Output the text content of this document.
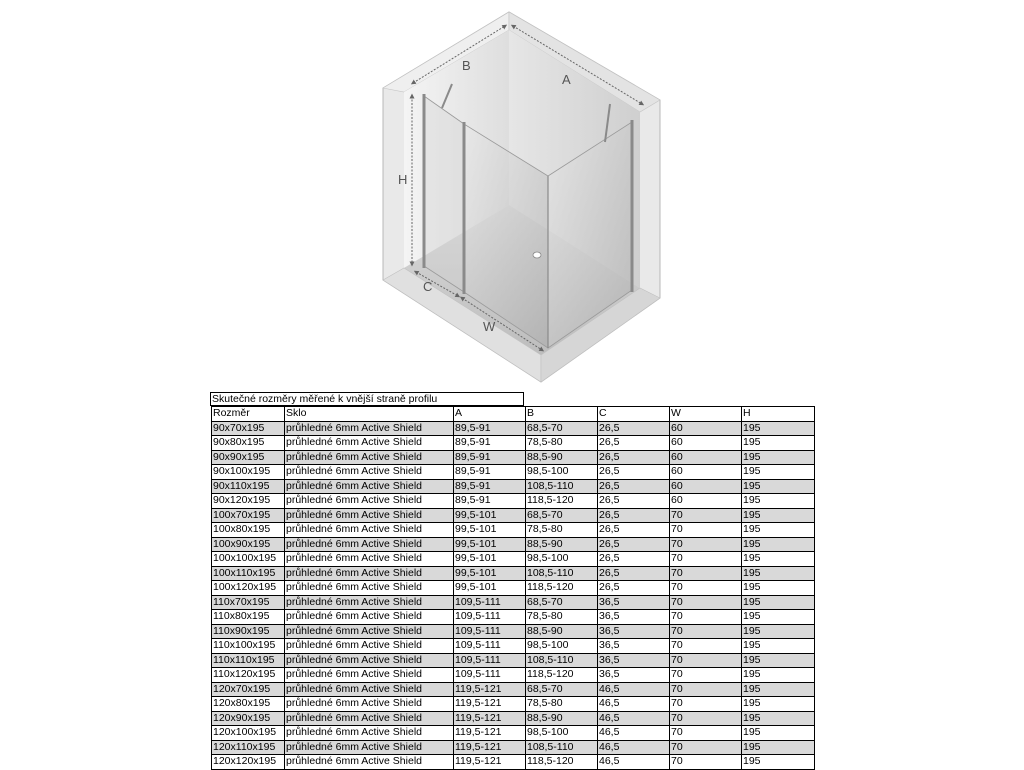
B
A
H
C
W
Skutečné rozměry měřené k vnější straně profilu
Rozměr	Sklo	A	B	C	W	H
90x70x195	průhledné 6mm Active Shield	89,5-91	68,5-70	26,5	60	195
90x80x195	průhledné 6mm Active Shield	89,5-91	78,5-80	26,5	60	195
90x90x195	průhledné 6mm Active Shield	89,5-91	88,5-90	26,5	60	195
90x100x195	průhledné 6mm Active Shield	89,5-91	98,5-100	26,5	60	195
90x110x195	průhledné 6mm Active Shield	89,5-91	108,5-110	26,5	60	195
90x120x195	průhledné 6mm Active Shield	89,5-91	118,5-120	26,5	60	195
100x70x195	průhledné 6mm Active Shield	99,5-101	68,5-70	26,5	70	195
100x80x195	průhledné 6mm Active Shield	99,5-101	78,5-80	26,5	70	195
100x90x195	průhledné 6mm Active Shield	99,5-101	88,5-90	26,5	70	195
100x100x195	průhledné 6mm Active Shield	99,5-101	98,5-100	26,5	70	195
100x110x195	průhledné 6mm Active Shield	99,5-101	108,5-110	26,5	70	195
100x120x195	průhledné 6mm Active Shield	99,5-101	118,5-120	26,5	70	195
110x70x195	průhledné 6mm Active Shield	109,5-111	68,5-70	36,5	70	195
110x80x195	průhledné 6mm Active Shield	109,5-111	78,5-80	36,5	70	195
110x90x195	průhledné 6mm Active Shield	109,5-111	88,5-90	36,5	70	195
110x100x195	průhledné 6mm Active Shield	109,5-111	98,5-100	36,5	70	195
110x110x195	průhledné 6mm Active Shield	109,5-111	108,5-110	36,5	70	195
110x120x195	průhledné 6mm Active Shield	109,5-111	118,5-120	36,5	70	195
120x70x195	průhledné 6mm Active Shield	119,5-121	68,5-70	46,5	70	195
120x80x195	průhledné 6mm Active Shield	119,5-121	78,5-80	46,5	70	195
120x90x195	průhledné 6mm Active Shield	119,5-121	88,5-90	46,5	70	195
120x100x195	průhledné 6mm Active Shield	119,5-121	98,5-100	46,5	70	195
120x110x195	průhledné 6mm Active Shield	119,5-121	108,5-110	46,5	70	195
120x120x195	průhledné 6mm Active Shield	119,5-121	118,5-120	46,5	70	195
